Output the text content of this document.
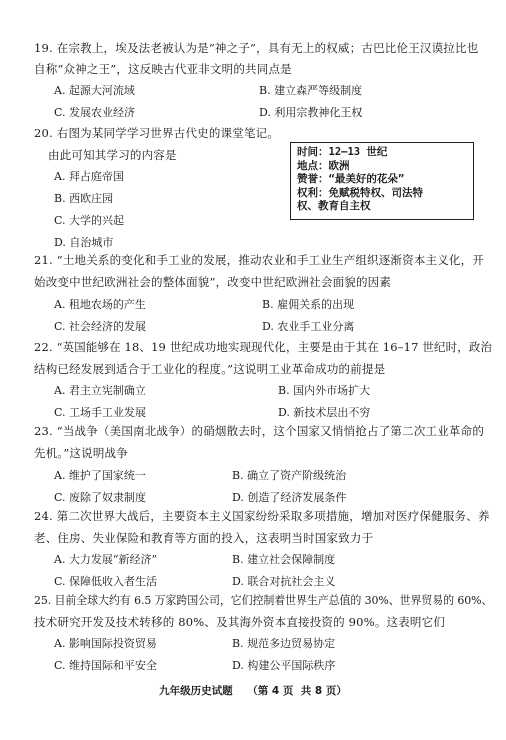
19. 在宗教上，埃及法老被认为是“神之子”，具有无上的权威；古巴比伦王汉谟拉比也
自称“众神之王”，这反映古代亚非文明的共同点是
A. 起源大河流域	B. 建立森严等级制度
C. 发展农业经济	D. 利用宗教神化王权
20. 右图为某同学学习世界古代史的课堂笔记。
由此可知其学习的内容是
A. 拜占庭帝国
B. 西欧庄园
C. 大学的兴起
D. 自治城市
时间：12—13 世纪
地点：欧洲
赞誉：“最美好的花朵”
权利：免赋税特权、司法特
权、教育自主权
21. “土地关系的变化和手工业的发展，推动农业和手工业生产组织逐渐资本主义化，开
始改变中世纪欧洲社会的整体面貌”，改变中世纪欧洲社会面貌的因素
A. 租地农场的产生	B. 雇佣关系的出现
C. 社会经济的发展	D. 农业手工业分离
22. “英国能够在 18、19 世纪成功地实现现代化，主要是由于其在 16–17 世纪时，政治
结构已经发展到适合于工业化的程度。”这说明工业革命成功的前提是
A. 君主立宪制确立	B. 国内外市场扩大
C. 工场手工业发展	D. 新技术层出不穷
23. “当战争（美国南北战争）的硝烟散去时，这个国家又悄悄抢占了第二次工业革命的
先机。”这说明战争
A. 维护了国家统一	B. 确立了资产阶级统治
C. 废除了奴隶制度	D. 创造了经济发展条件
24. 第二次世界大战后，主要资本主义国家纷纷采取多项措施，增加对医疗保健服务、养
老、住房、失业保险和教育等方面的投入，这表明当时国家致力于
A. 大力发展“新经济”	B. 建立社会保障制度
C. 保障低收入者生活	D. 联合对抗社会主义
25. 目前全球大约有 6.5 万家跨国公司，它们控制着世界生产总值的 30%、世界贸易的 60%、
技术研究开发及技术转移的 80%、及其海外资本直接投资的 90%。这表明它们
A. 影响国际投资贸易	B. 规范多边贸易协定
C. 维持国际和平安全	D. 构建公平国际秩序
九年级历史试题    （第 4 页  共 8 页）
